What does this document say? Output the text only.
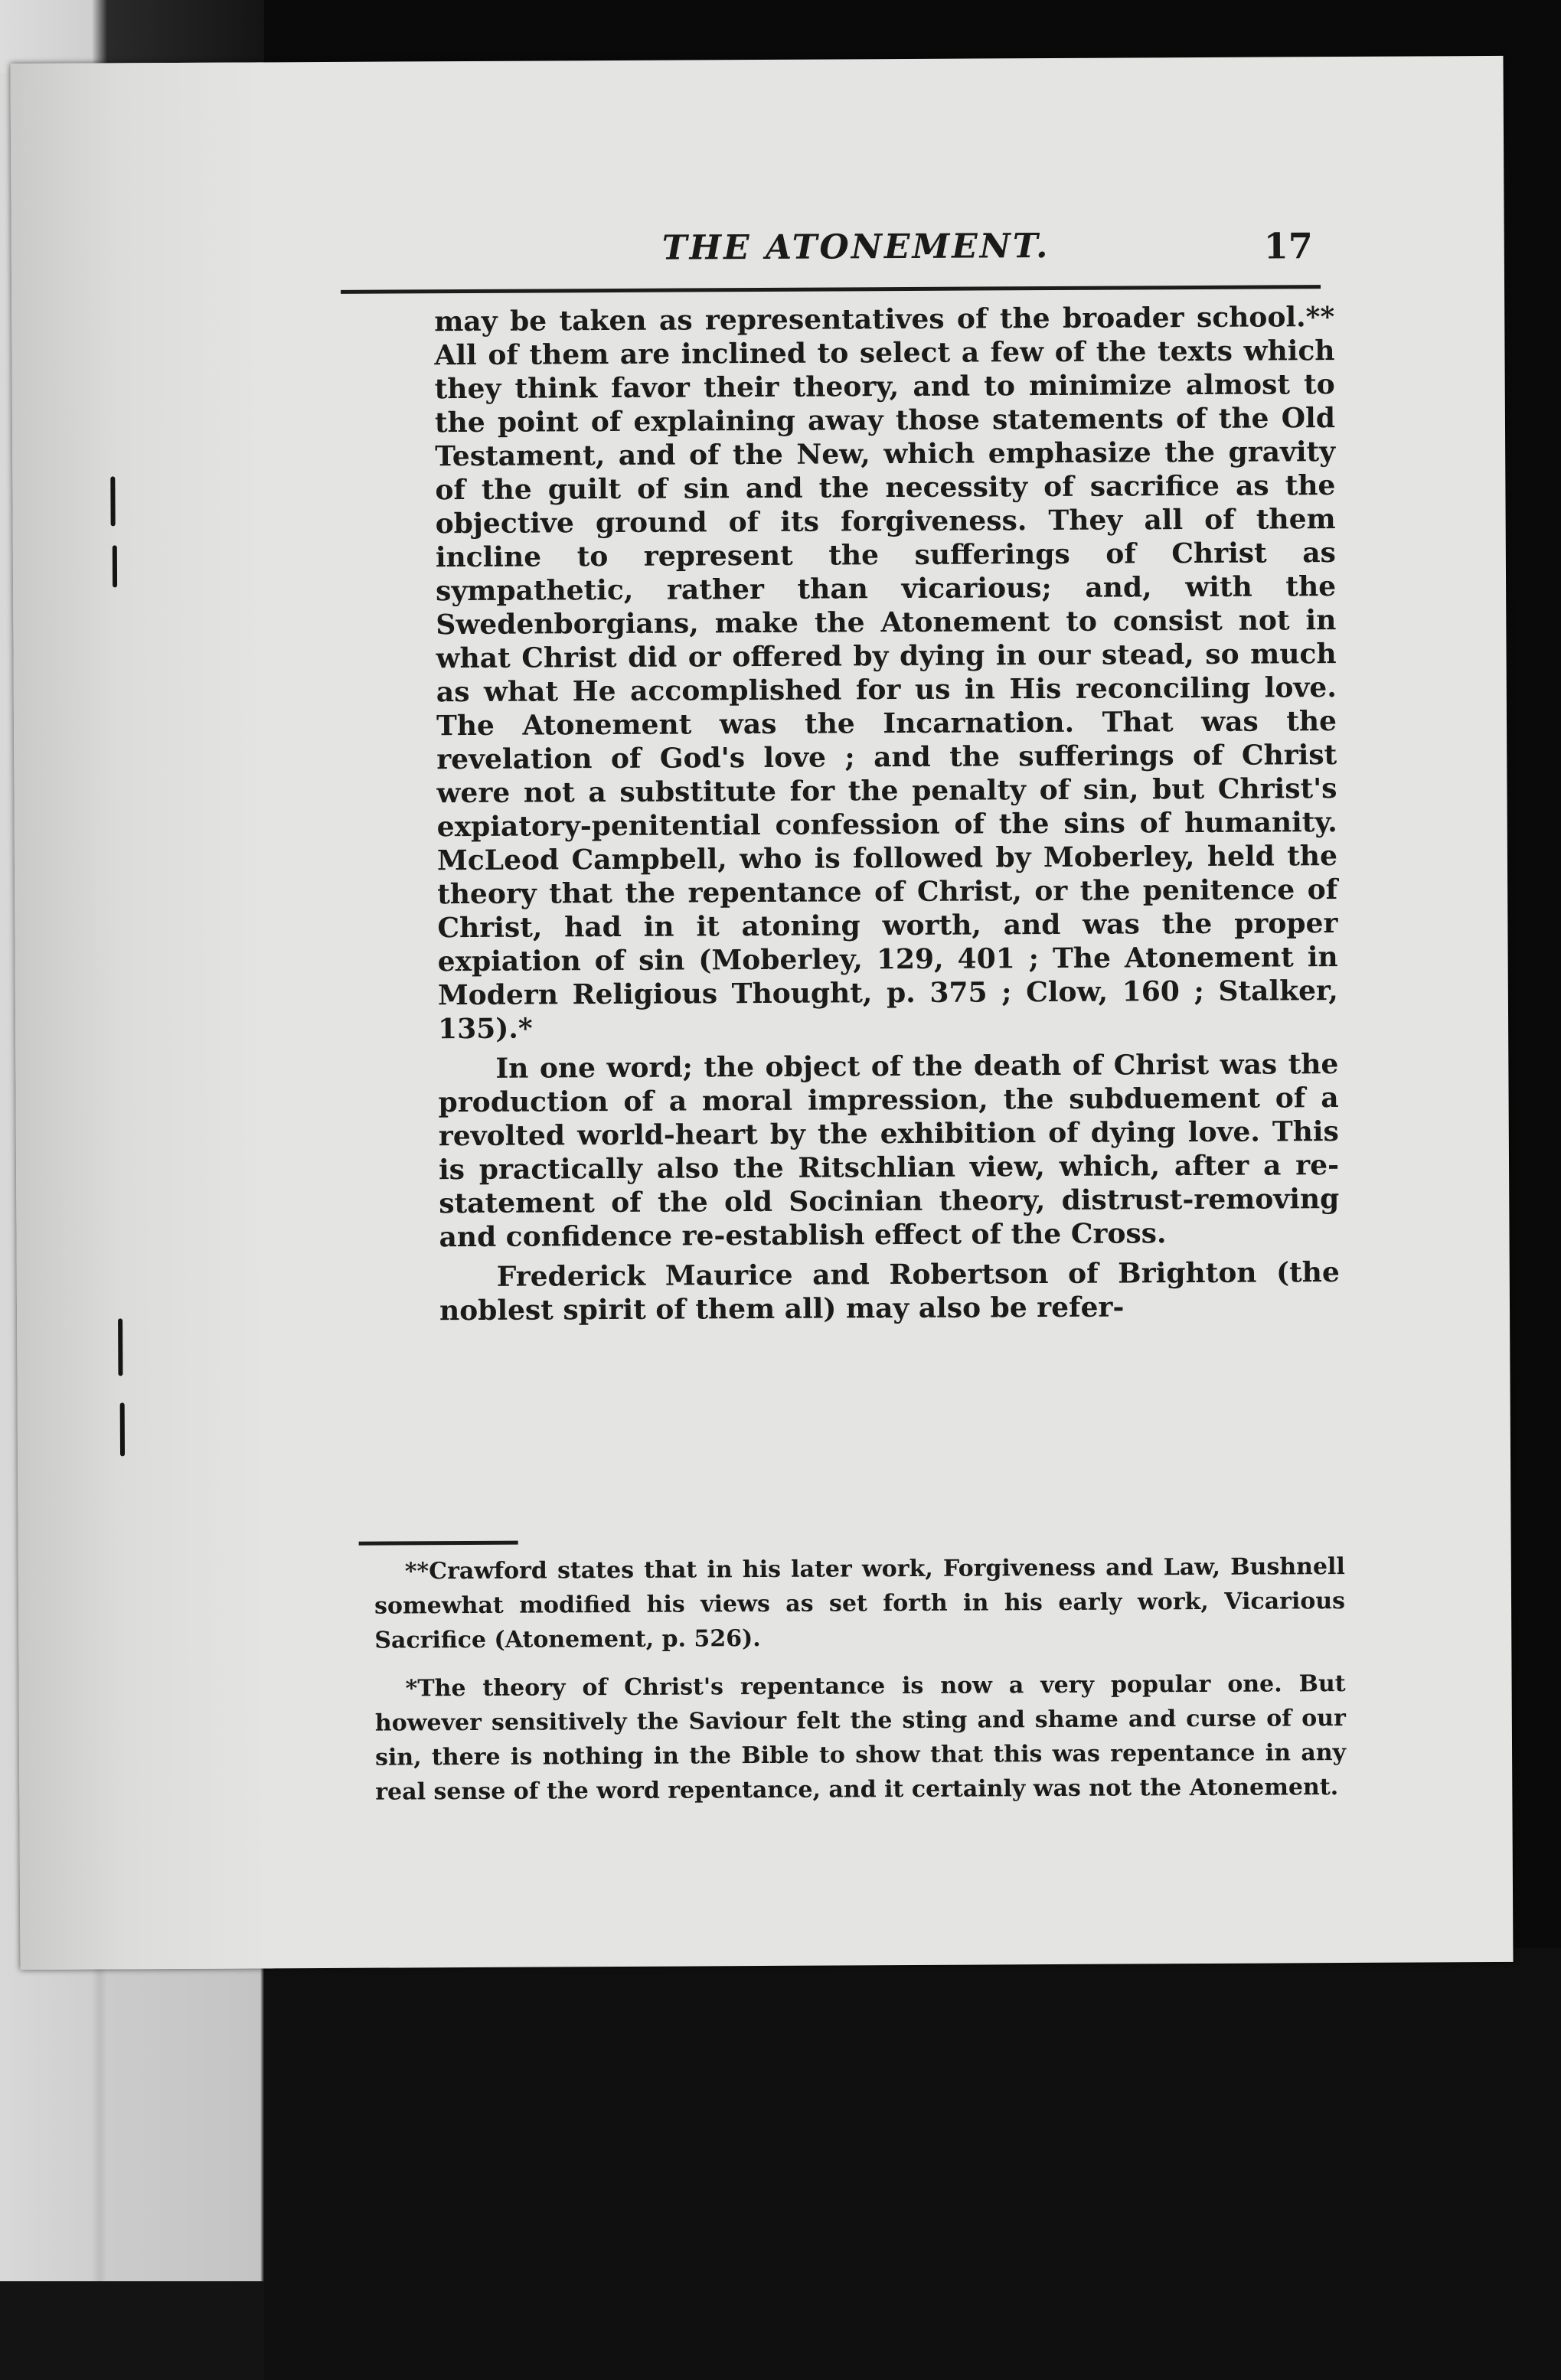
THE ATONEMENT.	17

may be taken as representatives of the broader school.** All of them are inclined to select a few of the texts which they think favor their theory, and to minimize almost to the point of explaining away those statements of the Old Testament, and of the New, which emphasize the gravity of the guilt of sin and the necessity of sacrifice as the objective ground of its forgiveness. They all of them incline to represent the sufferings of Christ as sympathetic, rather than vicarious; and, with the Swedenborgians, make the Atonement to consist not in what Christ did or offered by dying in our stead, so much as what He accomplished for us in His reconciling love. The Atonement was the Incarnation. That was the revelation of God's love ; and the sufferings of Christ were not a substitute for the penalty of sin, but Christ's expiatory-penitential confession of the sins of humanity. McLeod Campbell, who is followed by Moberley, held the theory that the repentance of Christ, or the penitence of Christ, had in it atoning worth, and was the proper expiation of sin (Moberley, 129, 401 ; The Atonement in Modern Religious Thought, p. 375 ; Clow, 160 ; Stalker, 135).*

In one word; the object of the death of Christ was the production of a moral impression, the subduement of a revolted world-heart by the exhibition of dying love. This is practically also the Ritschlian view, which, after a re-statement of the old Socinian theory, distrust-removing and confidence re-establish effect of the Cross.

Frederick Maurice and Robertson of Brighton (the noblest spirit of them all) may also be refer-

**Crawford states that in his later work, Forgiveness and Law, Bushnell somewhat modified his views as set forth in his early work, Vicarious Sacrifice (Atonement, p. 526).

*The theory of Christ's repentance is now a very popular one. But however sensitively the Saviour felt the sting and shame and curse of our sin, there is nothing in the Bible to show that this was repentance in any real sense of the word repentance, and it certainly was not the Atonement.
